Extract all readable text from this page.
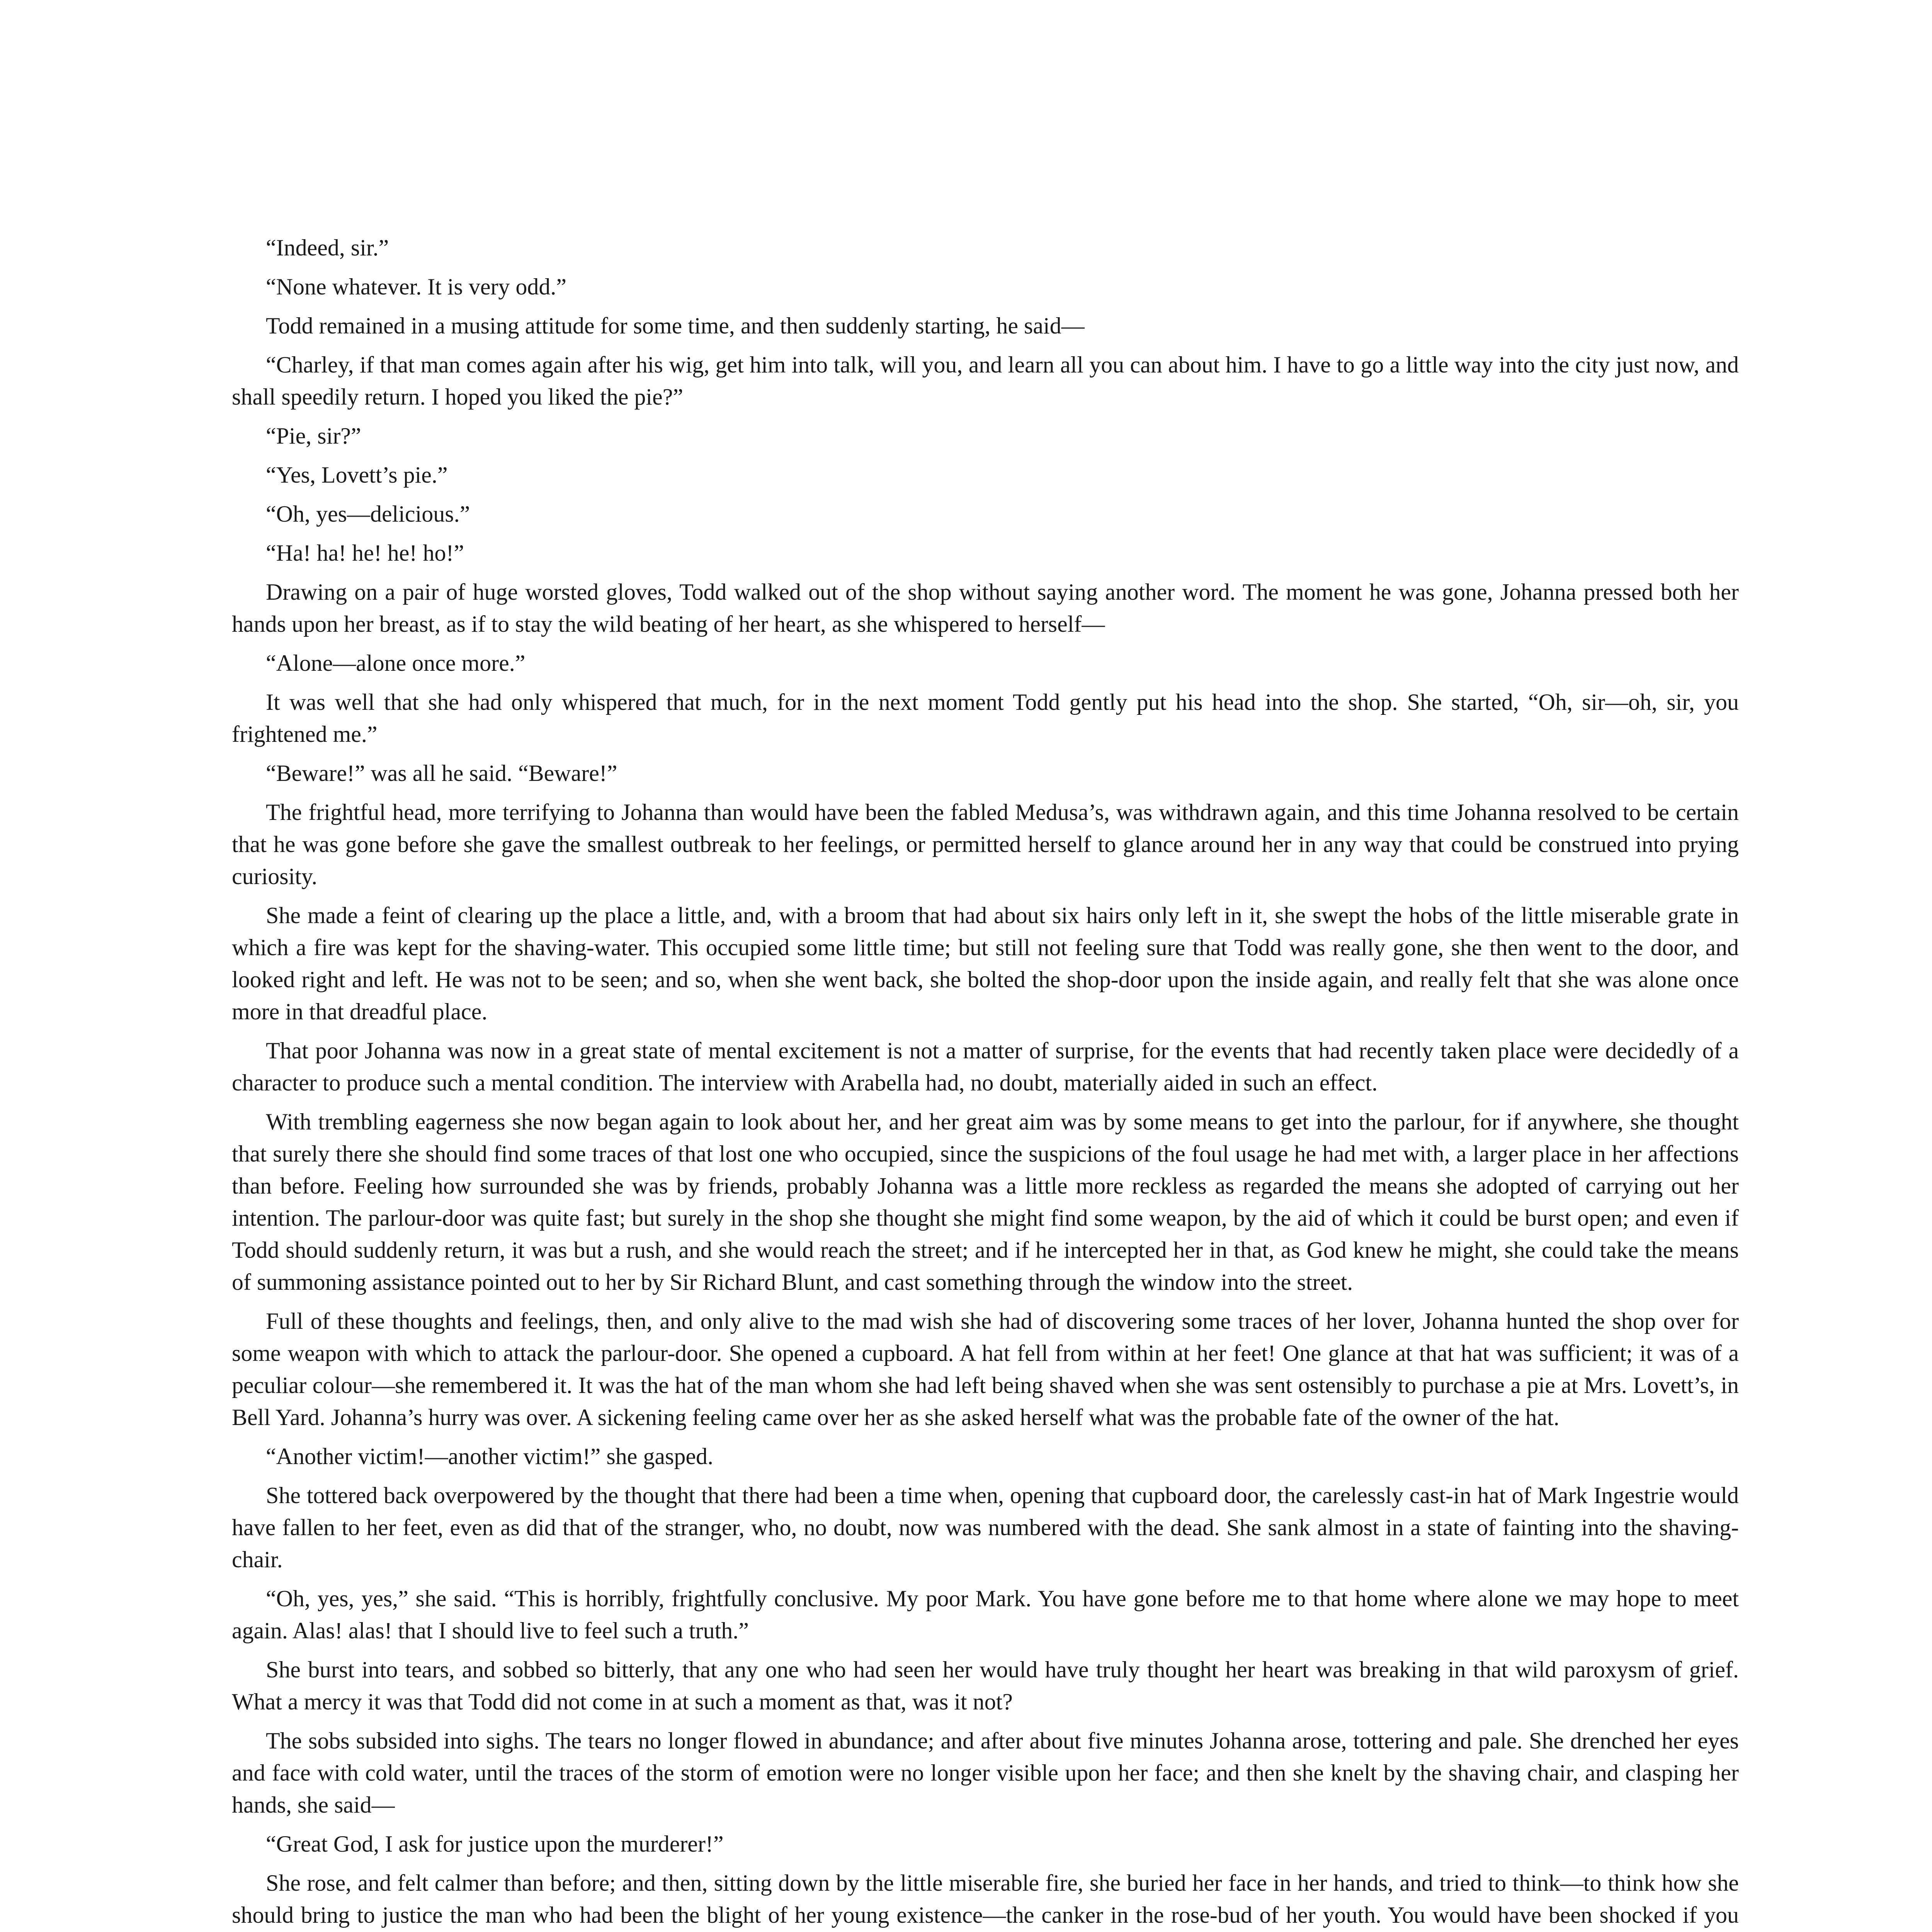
“Indeed, sir.”

“None whatever. It is very odd.”

Todd remained in a musing attitude for some time, and then suddenly starting, he said—

“Charley, if that man comes again after his wig, get him into talk, will you, and learn all you can about him. I have to go a little way into the city just now, and shall speedily return. I hoped you liked the pie?”

“Pie, sir?”

“Yes, Lovett’s pie.”

“Oh, yes—delicious.”

“Ha! ha! he! he! ho!”

Drawing on a pair of huge worsted gloves, Todd walked out of the shop without saying another word. The moment he was gone, Johanna pressed both her hands upon her breast, as if to stay the wild beating of her heart, as she whispered to herself—

“Alone—alone once more.”

It was well that she had only whispered that much, for in the next moment Todd gently put his head into the shop. She started, “Oh, sir—oh, sir, you frightened me.”

“Beware!” was all he said. “Beware!”

The frightful head, more terrifying to Johanna than would have been the fabled Medusa’s, was withdrawn again, and this time Johanna resolved to be certain that he was gone before she gave the smallest outbreak to her feelings, or permitted herself to glance around her in any way that could be construed into prying curiosity.

She made a feint of clearing up the place a little, and, with a broom that had about six hairs only left in it, she swept the hobs of the little miserable grate in which a fire was kept for the shaving-water. This occupied some little time; but still not feeling sure that Todd was really gone, she then went to the door, and looked right and left. He was not to be seen; and so, when she went back, she bolted the shop-door upon the inside again, and really felt that she was alone once more in that dreadful place.

That poor Johanna was now in a great state of mental excitement is not a matter of surprise, for the events that had recently taken place were decidedly of a character to produce such a mental condition. The interview with Arabella had, no doubt, materially aided in such an effect.

With trembling eagerness she now began again to look about her, and her great aim was by some means to get into the parlour, for if anywhere, she thought that surely there she should find some traces of that lost one who occupied, since the suspicions of the foul usage he had met with, a larger place in her affections than before. Feeling how surrounded she was by friends, probably Johanna was a little more reckless as regarded the means she adopted of carrying out her intention. The parlour-door was quite fast; but surely in the shop she thought she might find some weapon, by the aid of which it could be burst open; and even if Todd should suddenly return, it was but a rush, and she would reach the street; and if he intercepted her in that, as God knew he might, she could take the means of summoning assistance pointed out to her by Sir Richard Blunt, and cast something through the window into the street.

Full of these thoughts and feelings, then, and only alive to the mad wish she had of discovering some traces of her lover, Johanna hunted the shop over for some weapon with which to attack the parlour-door. She opened a cupboard. A hat fell from within at her feet! One glance at that hat was sufficient; it was of a peculiar colour—she remembered it. It was the hat of the man whom she had left being shaved when she was sent ostensibly to purchase a pie at Mrs. Lovett’s, in Bell Yard. Johanna’s hurry was over. A sickening feeling came over her as she asked herself what was the probable fate of the owner of the hat.

“Another victim!—another victim!” she gasped.

She tottered back overpowered by the thought that there had been a time when, opening that cupboard door, the carelessly cast-in hat of Mark Ingestrie would have fallen to her feet, even as did that of the stranger, who, no doubt, now was numbered with the dead. She sank almost in a state of fainting into the shaving-chair.

“Oh, yes, yes,” she said. “This is horribly, frightfully conclusive. My poor Mark. You have gone before me to that home where alone we may hope to meet again. Alas! alas! that I should live to feel such a truth.”

She burst into tears, and sobbed so bitterly, that any one who had seen her would have truly thought her heart was breaking in that wild paroxysm of grief. What a mercy it was that Todd did not come in at such a moment as that, was it not?

The sobs subsided into sighs. The tears no longer flowed in abundance; and after about five minutes Johanna arose, tottering and pale. She drenched her eyes and face with cold water, until the traces of the storm of emotion were no longer visible upon her face; and then she knelt by the shaving chair, and clasping her hands, she said—

“Great God, I ask for justice upon the murderer!”

She rose, and felt calmer than before; and then, sitting down by the little miserable fire, she buried her face in her hands, and tried to think—to think how she should bring to justice the man who had been the blight of her young existence—the canker in the rose-bud of her youth. You would have been shocked if you
